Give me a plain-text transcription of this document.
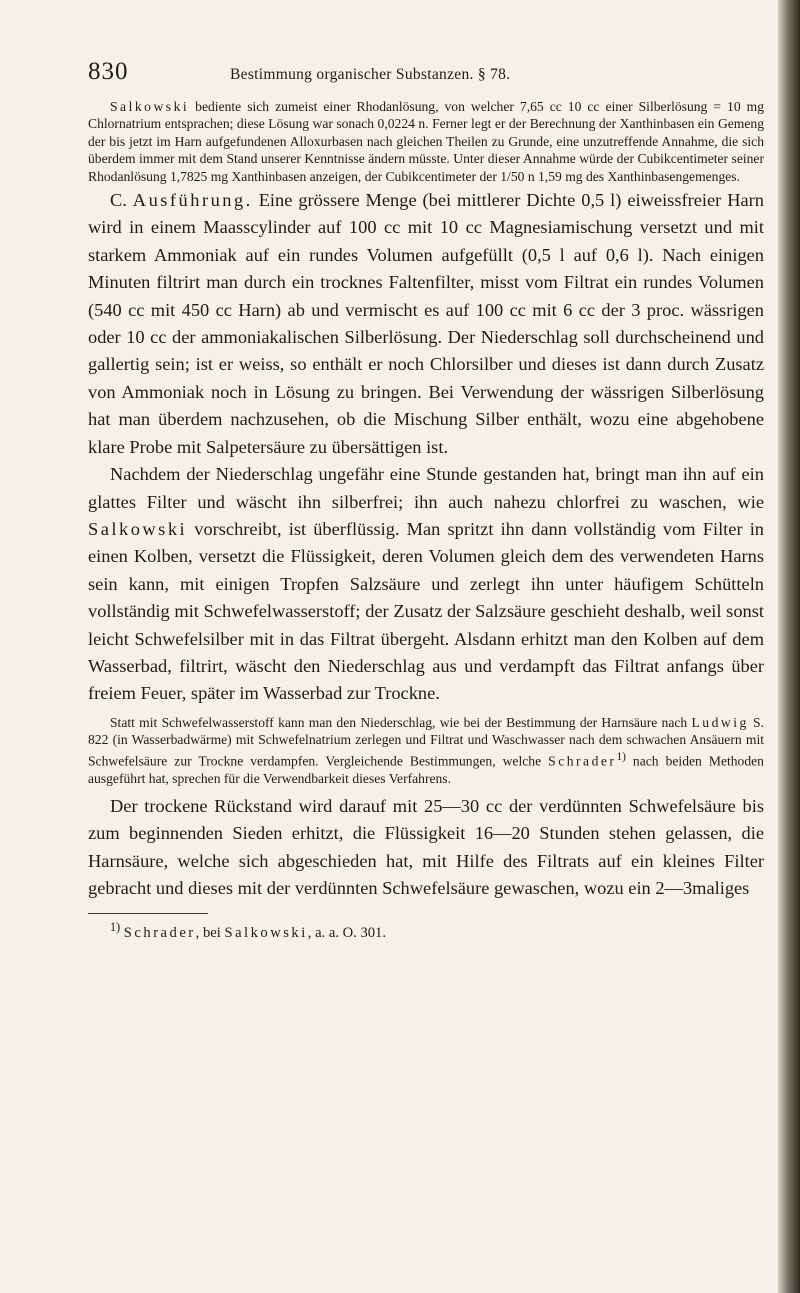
830	Bestimmung organischer Substanzen. § 78.

Salkowski bediente sich zumeist einer Rhodanlösung, von welcher 7,65 cc 10 cc einer Silberlösung = 10 mg Chlornatrium entsprachen; diese Lösung war sonach 0,0224 n. Ferner legt er der Berechnung der Xanthinbasen ein Gemeng der bis jetzt im Harn aufgefundenen Alloxurbasen nach gleichen Theilen zu Grunde, eine unzutreffende Annahme, die sich überdem immer mit dem Stand unserer Kenntnisse ändern müsste. Unter dieser Annahme würde der Cubikcentimeter seiner Rhodanlösung 1,7825 mg Xanthinbasen anzeigen, der Cubikcentimeter der 1/50 n 1,59 mg des Xanthinbasengemenges.

C. Ausführung. Eine grössere Menge (bei mittlerer Dichte 0,5 l) eiweissfreier Harn wird in einem Maasscylinder auf 100 cc mit 10 cc Magnesiamischung versetzt und mit starkem Ammoniak auf ein rundes Volumen aufgefüllt (0,5 l auf 0,6 l). Nach einigen Minuten filtrirt man durch ein trocknes Faltenfilter, misst vom Filtrat ein rundes Volumen (540 cc mit 450 cc Harn) ab und vermischt es auf 100 cc mit 6 cc der 3 proc. wässrigen oder 10 cc der ammoniakalischen Silberlösung. Der Niederschlag soll durchscheinend und gallertig sein; ist er weiss, so enthält er noch Chlorsilber und dieses ist dann durch Zusatz von Ammoniak noch in Lösung zu bringen. Bei Verwendung der wässrigen Silberlösung hat man überdem nachzusehen, ob die Mischung Silber enthält, wozu eine abgehobene klare Probe mit Salpetersäure zu übersättigen ist.

Nachdem der Niederschlag ungefähr eine Stunde gestanden hat, bringt man ihn auf ein glattes Filter und wäscht ihn silberfrei; ihn auch nahezu chlorfrei zu waschen, wie Salkowski vorschreibt, ist überflüssig. Man spritzt ihn dann vollständig vom Filter in einen Kolben, versetzt die Flüssigkeit, deren Volumen gleich dem des verwendeten Harns sein kann, mit einigen Tropfen Salzsäure und zerlegt ihn unter häufigem Schütteln vollständig mit Schwefelwasserstoff; der Zusatz der Salzsäure geschieht deshalb, weil sonst leicht Schwefelsilber mit in das Filtrat übergeht. Alsdann erhitzt man den Kolben auf dem Wasserbad, filtrirt, wäscht den Niederschlag aus und verdampft das Filtrat anfangs über freiem Feuer, später im Wasserbad zur Trockne.

Statt mit Schwefelwasserstoff kann man den Niederschlag, wie bei der Bestimmung der Harnsäure nach Ludwig S. 822 (in Wasserbadwärme) mit Schwefelnatrium zerlegen und Filtrat und Waschwasser nach dem schwachen Ansäuern mit Schwefelsäure zur Trockne verdampfen. Vergleichende Bestimmungen, welche Schrader$^{1)}$ nach beiden Methoden ausgeführt hat, sprechen für die Verwendbarkeit dieses Verfahrens.

Der trockene Rückstand wird darauf mit 25—30 cc der verdünnten Schwefelsäure bis zum beginnenden Sieden erhitzt, die Flüssigkeit 16—20 Stunden stehen gelassen, die Harnsäure, welche sich abgeschieden hat, mit Hilfe des Filtrats auf ein kleines Filter gebracht und dieses mit der verdünnten Schwefelsäure gewaschen, wozu ein 2—3maliges

$^{1)}$ Schrader, bei Salkowski, a. a. O. 301.
